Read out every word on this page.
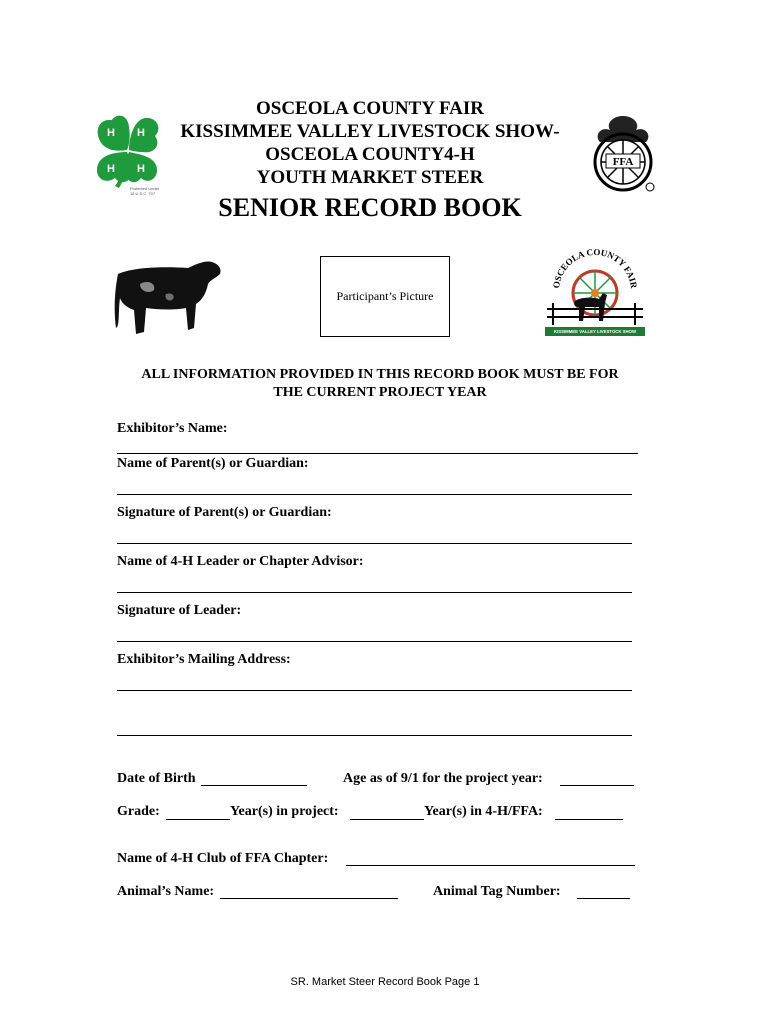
H H
H H
Protected Under 18 U.S.C. 707
FFA
OSCEOLA COUNTY FAIR
KISSIMMEE VALLEY LIVESTOCK SHOW-
OSCEOLA COUNTY4-H
YOUTH MARKET STEER
SENIOR RECORD BOOK
Participant’s Picture
OSCEOLA COUNTY FAIR
KISSIMMEE VALLEY LIVESTOCK SHOW
ALL INFORMATION PROVIDED IN THIS RECORD BOOK MUST BE FOR
THE CURRENT PROJECT YEAR
Exhibitor’s Name:
Name of Parent(s) or Guardian:
Signature of Parent(s) or Guardian:
Name of 4-H Leader or Chapter Advisor:
Signature of Leader:
Exhibitor’s Mailing Address:
Date of Birth	Age as of 9/1 for the project year:
Grade:	Year(s) in project:	Year(s) in 4-H/FFA:
Name of 4-H Club of FFA Chapter:
Animal’s Name:	Animal Tag Number:
SR. Market Steer Record Book Page 1
